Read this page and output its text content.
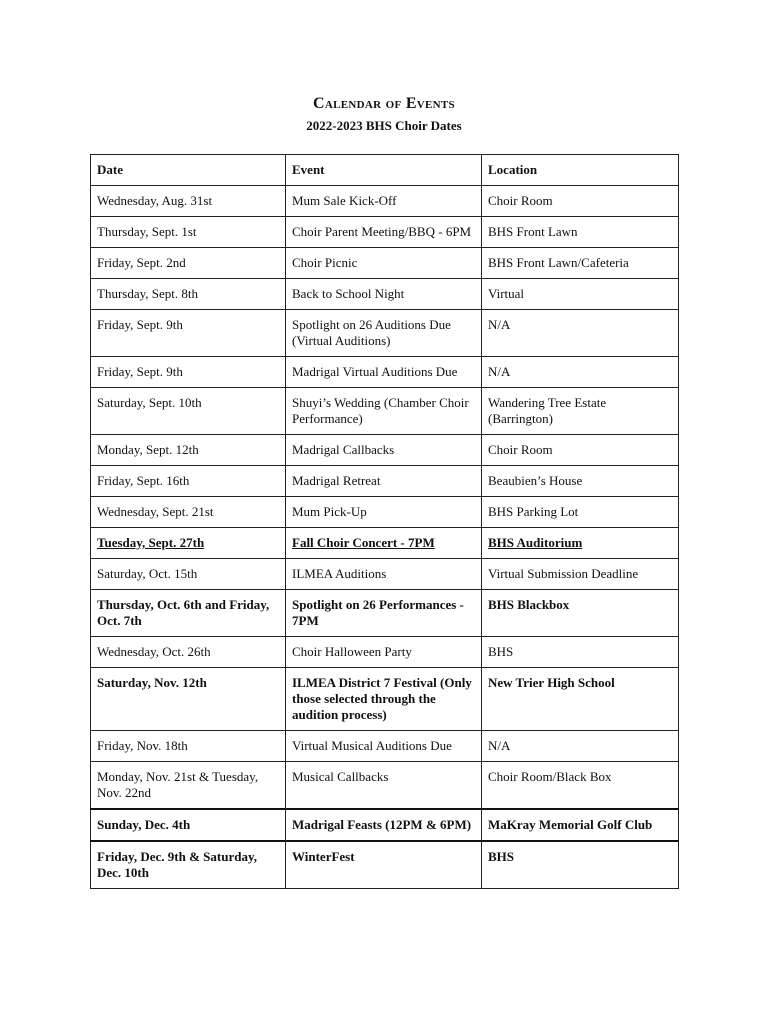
Calendar of Events
2022-2023 BHS Choir Dates
Date	Event	Location
Wednesday, Aug. 31st	Mum Sale Kick-Off	Choir Room
Thursday, Sept. 1st	Choir Parent Meeting/BBQ - 6PM	BHS Front Lawn
Friday, Sept. 2nd	Choir Picnic	BHS Front Lawn/Cafeteria
Thursday, Sept. 8th	Back to School Night	Virtual
Friday, Sept. 9th	Spotlight on 26 Auditions Due (Virtual Auditions)	N/A
Friday, Sept. 9th	Madrigal Virtual Auditions Due	N/A
Saturday, Sept. 10th	Shuyi’s Wedding (Chamber Choir Performance)	Wandering Tree Estate (Barrington)
Monday, Sept. 12th	Madrigal Callbacks	Choir Room
Friday, Sept. 16th	Madrigal Retreat	Beaubien’s House
Wednesday, Sept. 21st	Mum Pick-Up	BHS Parking Lot
Tuesday, Sept. 27th	Fall Choir Concert - 7PM	BHS Auditorium
Saturday, Oct. 15th	ILMEA Auditions	Virtual Submission Deadline
Thursday, Oct. 6th and Friday, Oct. 7th	Spotlight on 26 Performances - 7PM	BHS Blackbox
Wednesday, Oct. 26th	Choir Halloween Party	BHS
Saturday, Nov. 12th	ILMEA District 7 Festival (Only those selected through the audition process)	New Trier High School
Friday, Nov. 18th	Virtual Musical Auditions Due	N/A
Monday, Nov. 21st & Tuesday, Nov. 22nd	Musical Callbacks	Choir Room/Black Box
Sunday, Dec. 4th	Madrigal Feasts (12PM & 6PM)	MaKray Memorial Golf Club
Friday, Dec. 9th & Saturday, Dec. 10th	WinterFest	BHS
